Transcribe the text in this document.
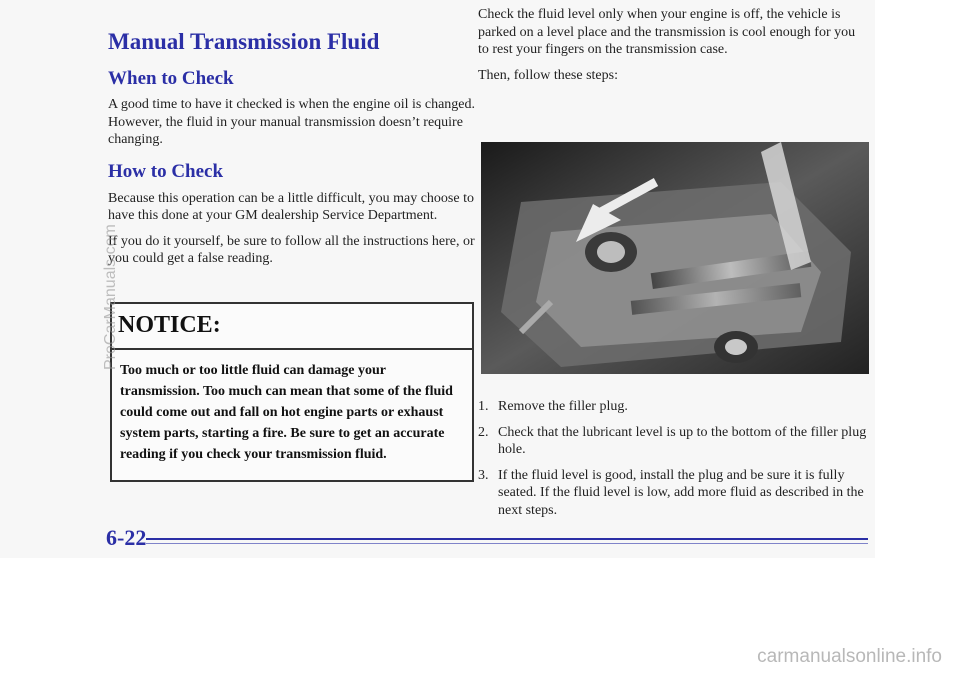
Manual Transmission Fluid
When to Check

A good time to have it checked is when the engine oil is changed. However, the fluid in your manual transmission doesn’t require changing.

How to Check

Because this operation can be a little difficult, you may choose to have this done at your GM dealership Service Department.

If you do it yourself, be sure to follow all the instructions here, or you could get a false reading.

NOTICE:
Too much or too little fluid can damage your transmission. Too much can mean that some of the fluid could come out and fall on hot engine parts or exhaust system parts, starting a fire. Be sure to get an accurate reading if you check your transmission fluid.

Check the fluid level only when your engine is off, the vehicle is parked on a level place and the transmission is cool enough for you to rest your fingers on the transmission case.

Then, follow these steps:

1. Remove the filler plug.
2. Check that the lubricant level is up to the bottom of the filler plug hole.
3. If the fluid level is good, install the plug and be sure it is fully seated. If the fluid level is low, add more fluid as described in the next steps.
6-22
ProCarManuals.com
carmanualsonline.info
